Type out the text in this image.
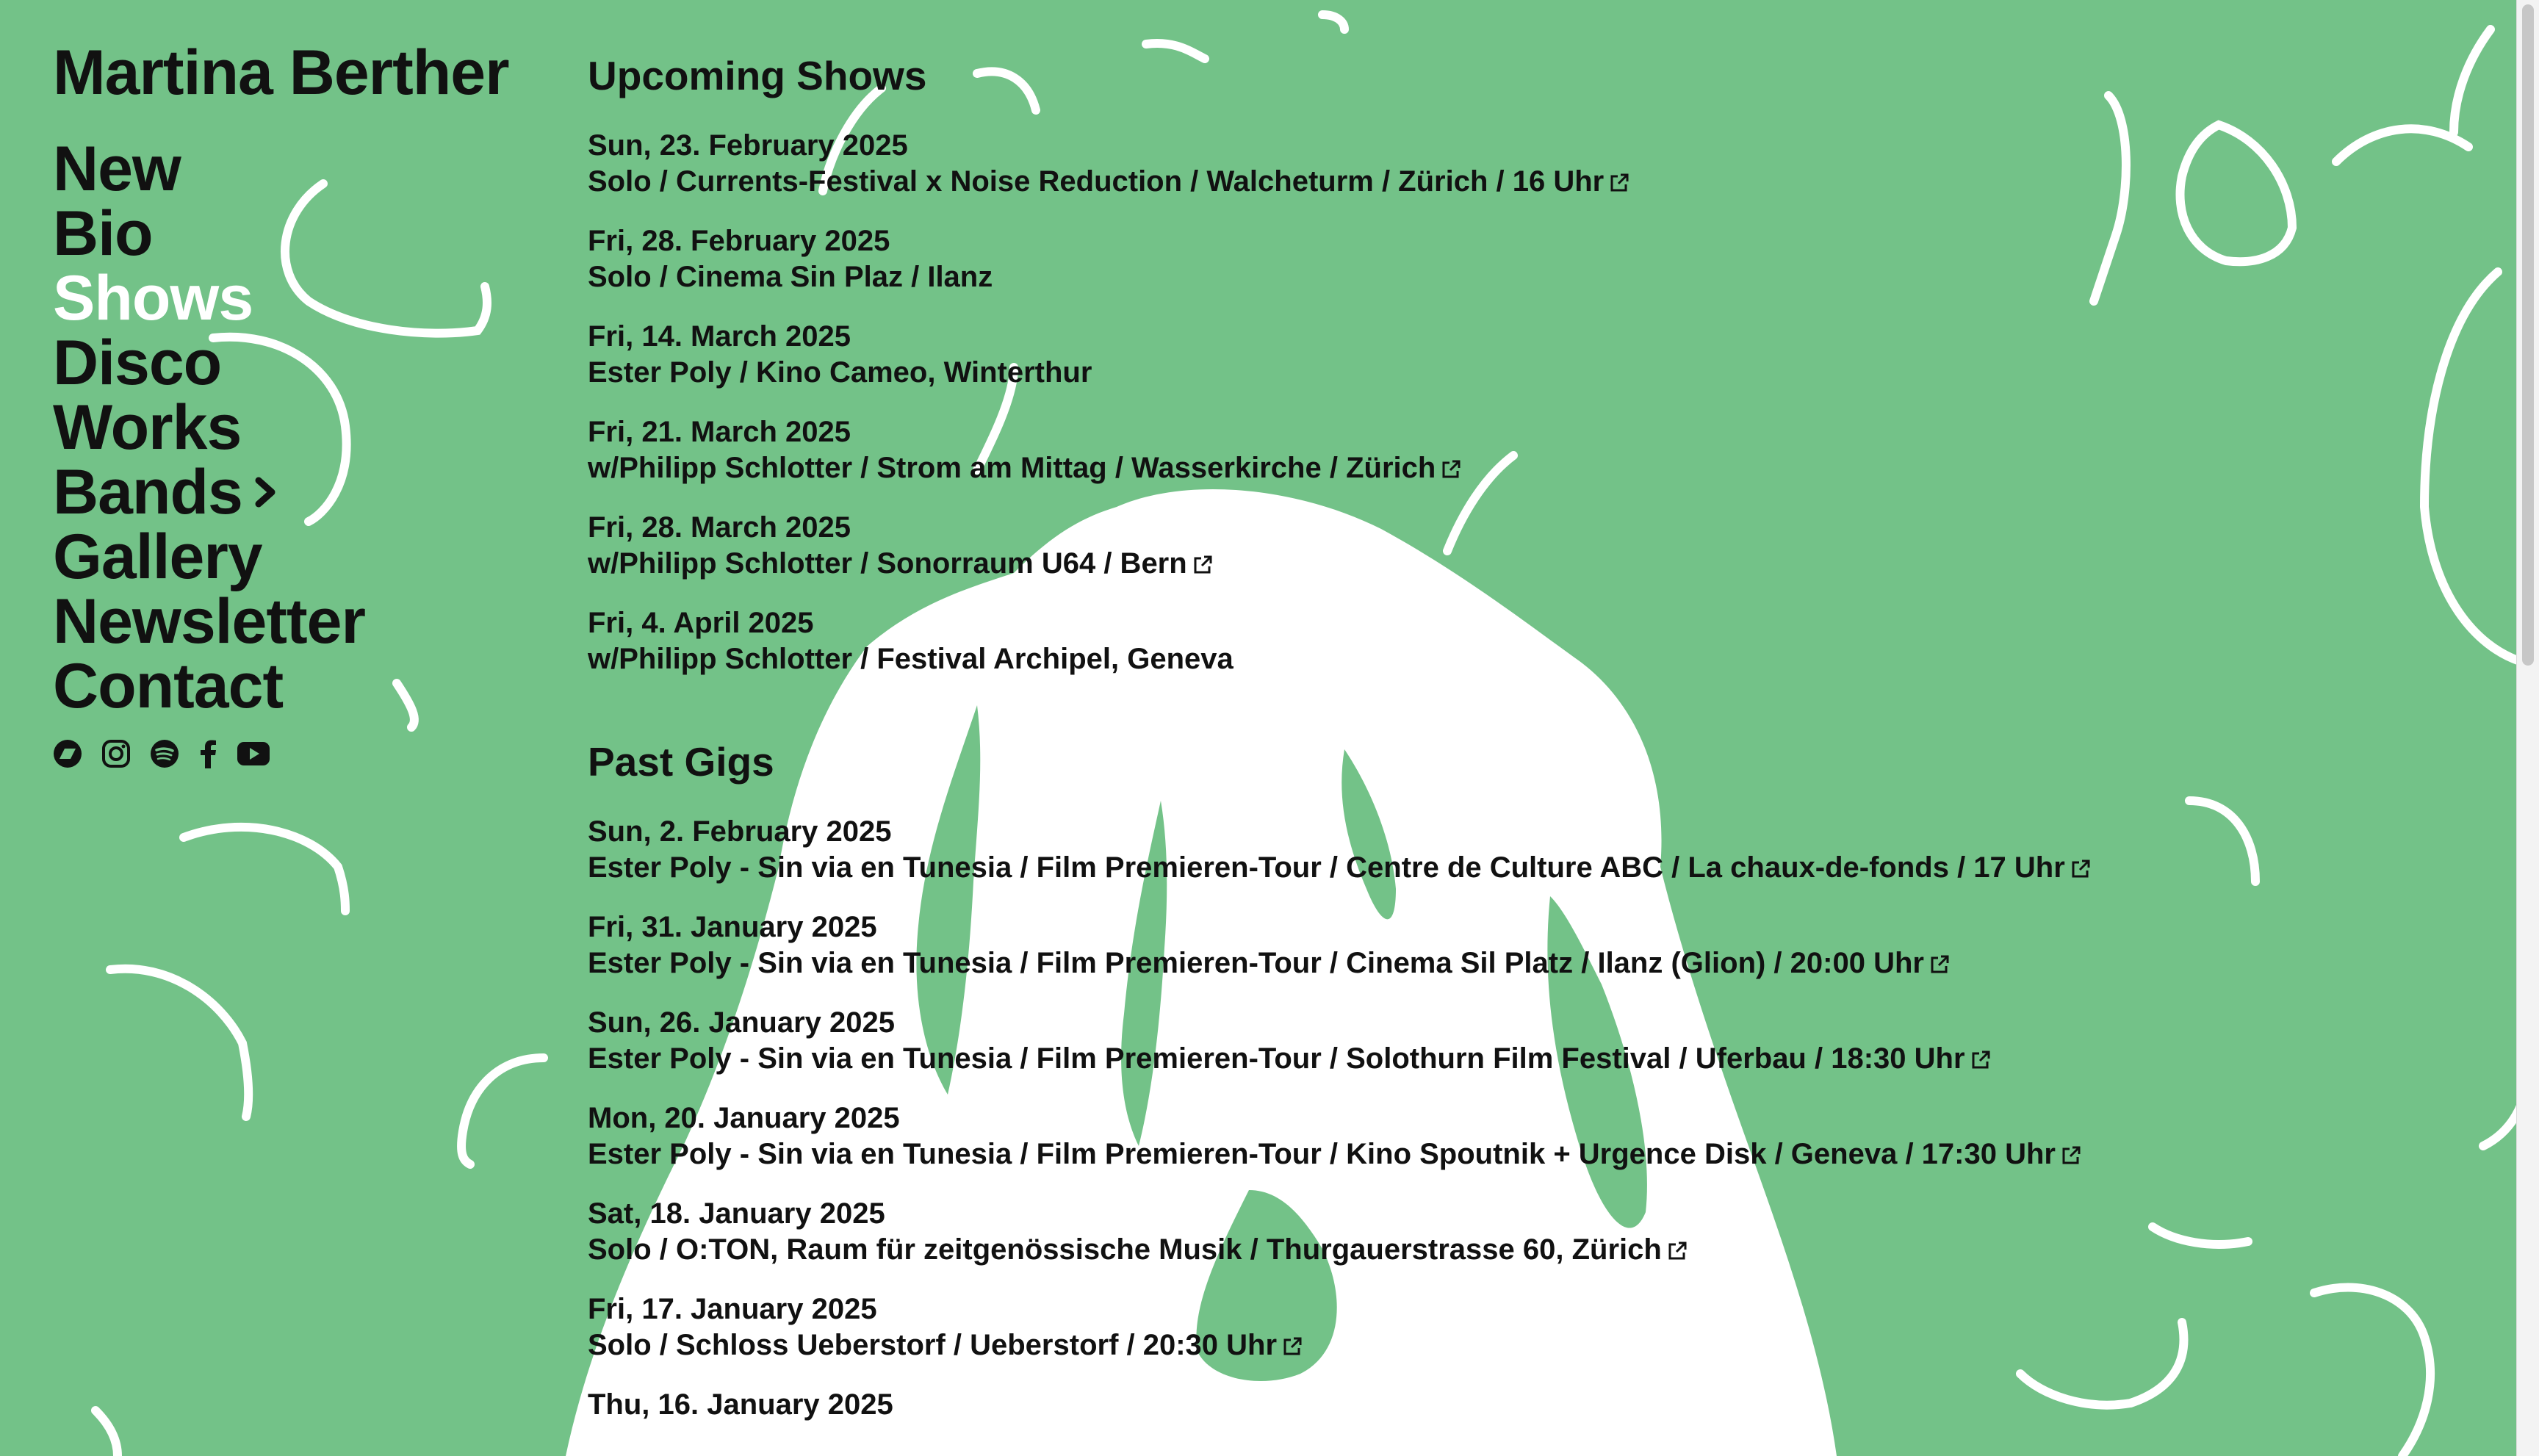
Martina Berther
New
Bio
Shows
Disco
Works
Bands
Gallery
Newsletter
Contact
Upcoming Shows
Sun, 23. February 2025
Solo / Currents-Festival x Noise Reduction / Walcheturm / Zürich / 16 Uhr
Fri, 28. February 2025
Solo / Cinema Sin Plaz / Ilanz
Fri, 14. March 2025
Ester Poly / Kino Cameo, Winterthur
Fri, 21. March 2025
w/Philipp Schlotter / Strom am Mittag / Wasserkirche / Zürich
Fri, 28. March 2025
w/Philipp Schlotter / Sonorraum U64 / Bern
Fri, 4. April 2025
w/Philipp Schlotter / Festival Archipel, Geneva
Past Gigs
Sun, 2. February 2025
Ester Poly - Sin via en Tunesia / Film Premieren-Tour / Centre de Culture ABC / La chaux-de-fonds / 17 Uhr
Fri, 31. January 2025
Ester Poly - Sin via en Tunesia / Film Premieren-Tour / Cinema Sil Platz / Ilanz (Glion) / 20:00 Uhr
Sun, 26. January 2025
Ester Poly - Sin via en Tunesia / Film Premieren-Tour / Solothurn Film Festival / Uferbau / 18:30 Uhr
Mon, 20. January 2025
Ester Poly - Sin via en Tunesia / Film Premieren-Tour / Kino Spoutnik + Urgence Disk / Geneva / 17:30 Uhr
Sat, 18. January 2025
Solo / O:TON, Raum für zeitgenössische Musik / Thurgauerstrasse 60, Zürich
Fri, 17. January 2025
Solo / Schloss Ueberstorf / Ueberstorf / 20:30 Uhr
Thu, 16. January 2025
